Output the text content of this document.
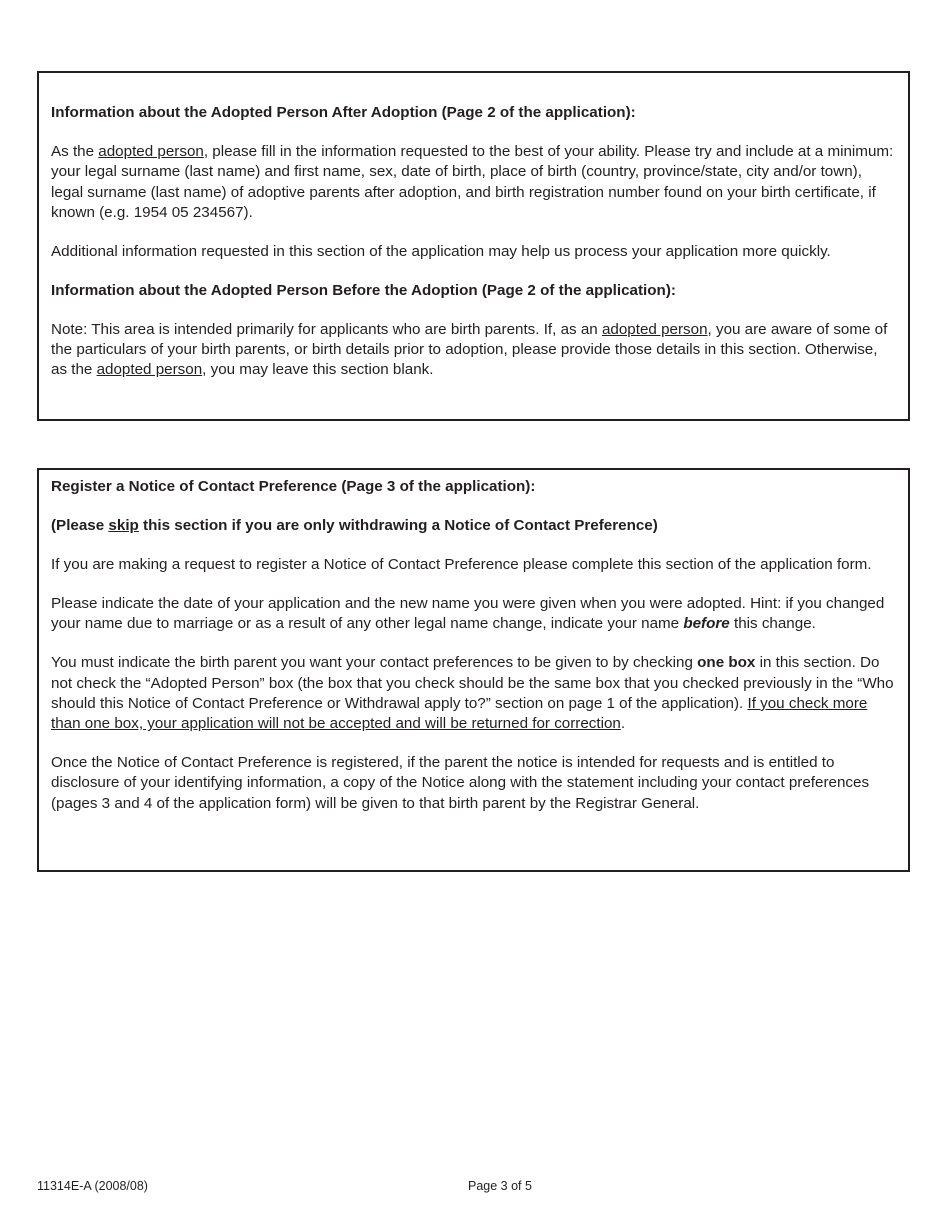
Information about the Adopted Person After Adoption (Page 2 of the application):

As the adopted person, please fill in the information requested to the best of your ability. Please try and include at a minimum: your legal surname (last name) and first name, sex, date of birth, place of birth (country, province/state, city and/or town), legal surname (last name) of adoptive parents after adoption, and birth registration number found on your birth certificate, if known (e.g. 1954 05 234567).

Additional information requested in this section of the application may help us process your application more quickly.

Information about the Adopted Person Before the Adoption (Page 2 of the application):

Note: This area is intended primarily for applicants who are birth parents. If, as an adopted person, you are aware of some of the particulars of your birth parents, or birth details prior to adoption, please provide those details in this section. Otherwise, as the adopted person, you may leave this section blank.

Register a Notice of Contact Preference (Page 3 of the application):

(Please skip this section if you are only withdrawing a Notice of Contact Preference)

If you are making a request to register a Notice of Contact Preference please complete this section of the application form.

Please indicate the date of your application and the new name you were given when you were adopted. Hint: if you changed your name due to marriage or as a result of any other legal name change, indicate your name before this change.

You must indicate the birth parent you want your contact preferences to be given to by checking one box in this section. Do not check the “Adopted Person” box (the box that you check should be the same box that you checked previously in the “Who should this Notice of Contact Preference or Withdrawal apply to?” section on page 1 of the application). If you check more than one box, your application will not be accepted and will be returned for correction.

Once the Notice of Contact Preference is registered, if the parent the notice is intended for requests and is entitled to disclosure of your identifying information, a copy of the Notice along with the statement including your contact preferences (pages 3 and 4 of the application form) will be given to that birth parent by the Registrar General.

11314E-A (2008/08)	Page 3 of 5
